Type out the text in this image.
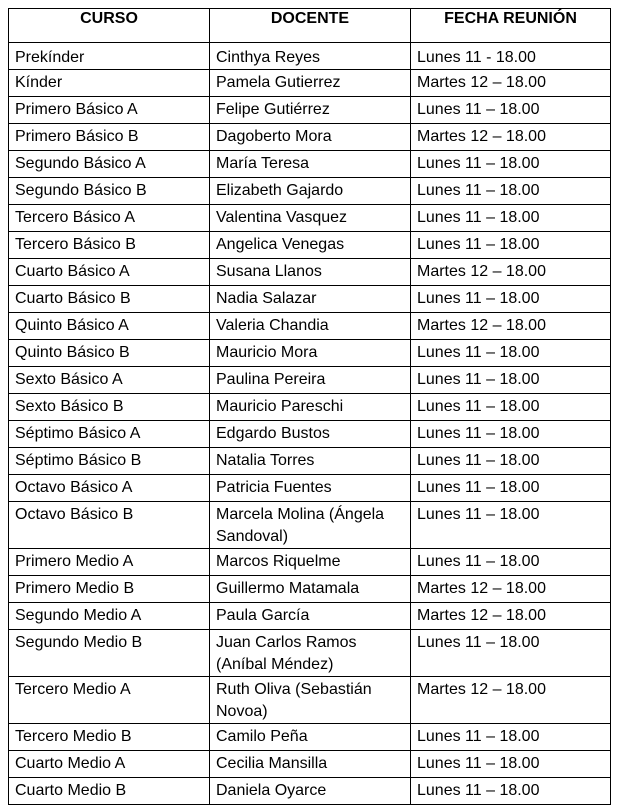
CURSO	DOCENTE	FECHA REUNIÓN
Prekínder	Cinthya Reyes	Lunes 11 - 18.00
Kínder	Pamela Gutierrez	Martes 12 – 18.00
Primero Básico A	Felipe Gutiérrez	Lunes 11 – 18.00
Primero Básico B	Dagoberto Mora	Martes 12 – 18.00
Segundo Básico A	María Teresa	Lunes 11 – 18.00
Segundo Básico B	Elizabeth Gajardo	Lunes 11 – 18.00
Tercero Básico A	Valentina Vasquez	Lunes 11 – 18.00
Tercero Básico B	Angelica Venegas	Lunes 11 – 18.00
Cuarto Básico A	Susana Llanos	Martes 12 – 18.00
Cuarto Básico B	Nadia Salazar	Lunes 11 – 18.00
Quinto Básico A	Valeria Chandia	Martes 12 – 18.00
Quinto Básico B	Mauricio Mora	Lunes 11 – 18.00
Sexto Básico A	Paulina Pereira	Lunes 11 – 18.00
Sexto Básico B	Mauricio Pareschi	Lunes 11 – 18.00
Séptimo Básico A	Edgardo Bustos	Lunes 11 – 18.00
Séptimo Básico B	Natalia Torres	Lunes 11 – 18.00
Octavo Básico A	Patricia Fuentes	Lunes 11 – 18.00
Octavo Básico B	Marcela Molina (Ángela Sandoval)	Lunes 11 – 18.00
Primero Medio A	Marcos Riquelme	Lunes 11 – 18.00
Primero Medio B	Guillermo Matamala	Martes 12 – 18.00
Segundo Medio A	Paula García	Martes 12 – 18.00
Segundo Medio B	Juan Carlos Ramos (Aníbal Méndez)	Lunes 11 – 18.00
Tercero Medio A	Ruth Oliva (Sebastián Novoa)	Martes 12 – 18.00
Tercero Medio B	Camilo Peña	Lunes 11 – 18.00
Cuarto Medio A	Cecilia Mansilla	Lunes 11 – 18.00
Cuarto Medio B	Daniela Oyarce	Lunes 11 – 18.00
